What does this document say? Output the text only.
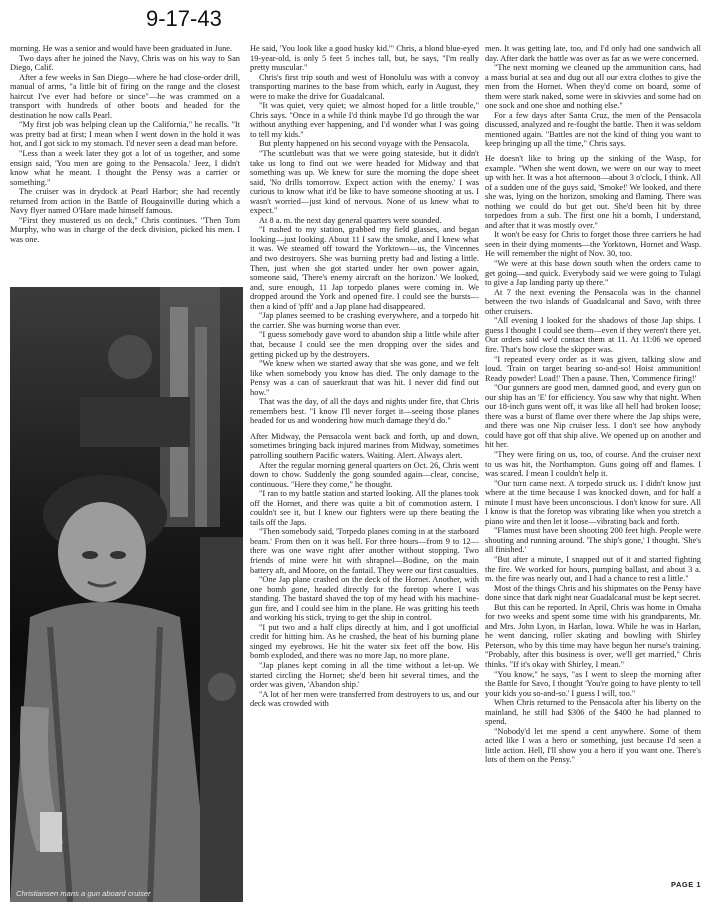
9-17-43

morning. He was a senior and would have been graduated in June.

Two days after he joined the Navy, Chris was on his way to San Diego, Calif.

After a few weeks in San Diego—where he had close-order drill, manual of arms, "a little bit of firing on the range and the closest haircut I've ever had before or since"—he was crammed on a transport with hundreds of other boots and headed for the destination he now calls Pearl.

"My first job was helping clean up the California," he recalls. "It was pretty bad at first; I mean when I went down in the hold it was hot, and I got sick to my stomach. I'd never seen a dead man before.

"Less than a week later they got a lot of us together, and some ensign said, 'You men are going to the Pensacola.' Jeez, I didn't know what he meant. I thought the Pensy was a carrier or something."

The cruiser was in drydock at Pearl Harbor; she had recently returned from action in the Battle of Bougainville during which a Navy flyer named O'Hare made himself famous.

"First they mustered us on deck," Chris continues. "Then Tom Murphy, who was in charge of the deck division, picked his men. I was one.

Christiansen mans a gun aboard cruiser

He said, 'You look like a good husky kid.'" Chris, a blond blue-eyed 19-year-old, is only 5 feet 5 inches tall, but, he says, "I'm really pretty muscular."

Chris's first trip south and west of Honolulu was with a convoy transporting marines to the base from which, early in August, they were to make the drive for Guadalcanal.

"It was quiet, very quiet; we almost hoped for a little trouble," Chris says. "Once in a while I'd think maybe I'd go through the war without anything ever happening, and I'd wonder what I was going to tell my kids."

But plenty happened on his second voyage with the Pensacola.

"The scuttlebutt was that we were going stateside, but it didn't take us long to find out we were headed for Midway and that something was up. We knew for sure the morning the dope sheet said, 'No drills tomorrow. Expect action with the enemy.' I was curious to know what it'd be like to have someone shooting at us. I wasn't worried—just kind of nervous. None of us knew what to expect."

At 8 a. m. the next day general quarters were sounded.

"I rushed to my station, grabbed my field glasses, and began looking—just looking. About 11 I saw the smoke, and I knew what it was. We steamed off toward the Yorktown—us, the Vincennes and two destroyers. She was burning pretty bad and listing a little. Then, just when she got started under her own power again, someone said, 'There's enemy aircraft on the horizon.' We looked, and, sure enough, 11 Jap torpedo planes were coming in. We dropped around the York and opened fire. I could see the bursts—then a kind of 'pfft' and a Jap plane had disappeared.

"Jap planes seemed to be crashing everywhere, and a torpedo hit the carrier. She was burning worse than ever.

"I guess somebody gave word to abandon ship a little while after that, because I could see the men dropping over the sides and getting picked up by the destroyers.

"We knew when we started away that she was gone, and we felt like when somebody you know has died. The only damage to the Pensy was a can of sauerkraut that was hit. I never did find out how."

That was the day, of all the days and nights under fire, that Chris remembers best. "I know I'll never forget it—seeing those planes headed for us and wondering how much damage they'd do."

After Midway, the Pensacola went back and forth, up and down, sometimes bringing back injured marines from Midway, sometimes patrolling southern Pacific waters. Waiting. Alert. Always alert.

After the regular morning general quarters on Oct. 26, Chris went down to chow. Suddenly the gong sounded again—clear, concise, continuous. "Here they come," he thought.

"I ran to my battle station and started looking. All the planes took off the Hornet, and there was quite a bit of commotion astern. I couldn't see it, but I knew our fighters were up there beating the tails off the Japs.

"Then somebody said, 'Torpedo planes coming in at the starboard beam.' From then on it was hell. For three hours—from 9 to 12—there was one wave right after another without stopping. Two friends of mine were hit with shrapnel—Bodine, on the main battery aft, and Moore, on the fantail. They were our first casualties.

"One Jap plane crashed on the deck of the Hornet. Another, with one bomb gone, headed directly for the foretop where I was standing. The bastard shaved the top of my head with his machine-gun fire, and I could see him in the plane. He was gritting his teeth and working his stick, trying to get the ship in control.

"I put two and a half clips directly at him, and I got unofficial credit for hitting him. As he crashed, the heat of his burning plane singed my eyebrows. He hit the water six feet off the bow. His bomb exploded, and there was no more Jap, no more plane.

"Jap planes kept coming in all the time without a let-up. We started circling the Hornet; she'd been hit several times, and the order was given, 'Abandon ship.'

"A lot of her men were transferred from destroyers to us, and our deck was crowded with

men. It was getting late, too, and I'd only had one sandwich all day. After dark the battle was over as far as we were concerned.

"The next morning we cleaned up the ammunition cans, had a mass burial at sea and dug out all our extra clothes to give the men from the Hornet. When they'd come on board, some of them were stark naked, some were in skivvies and some had on one sock and one shoe and nothing else."

For a few days after Santa Cruz, the men of the Pensacola discussed, analyzed and re-fought the battle. Then it was seldom mentioned again. "Battles are not the kind of thing you want to keep bringing up all the time," Chris says.

He doesn't like to bring up the sinking of the Wasp, for example. "When she went down, we were on our way to meet up with her. It was a hot afternoon—about 3 o'clock, I think. All of a sudden one of the guys said, 'Smoke!' We looked, and there she was, lying on the horizon, smoking and flaming. There was nothing we could do but get out. She'd been hit by three torpedoes from a sub. The first one hit a bomb, I understand, and after that it was mostly over."

It won't be easy for Chris to forget those three carriers he had seen in their dying moments—the Yorktown, Hornet and Wasp. He will remember the night of Nov. 30, too.

"We were at this base down south when the orders came to get going—and quick. Everybody said we were going to Tulagi to give a Jap landing party up there."

At 7 the next evening the Pensacola was in the channel between the two islands of Guadalcanal and Savo, with three other cruisers.

"All evening I looked for the shadows of those Jap ships. I guess I thought I could see them—even if they weren't there yet. Our orders said we'd contact them at 11. At 11:06 we opened fire. That's how close the skipper was.

"I repeated every order as it was given, talking slow and loud. 'Train on target bearing so-and-so! Hoist ammunition! Ready powder! Load!' Then a pause. Then, 'Commence firing!'

"Our gunners are good men, damned good, and every gun on our ship has an 'E' for efficiency. You saw why that night. When our 18-inch guns went off, it was like all hell had broken loose; there was a burst of flame over there where the Jap ships were, and there was one Nip cruiser less. I don't see how anybody could have got off that ship alive. We opened up on another and hit her.

"They were firing on us, too, of course. And the cruiser next to us was hit, the Northampton. Guns going off and flames. I was scared. I mean I couldn't help it.

"Our turn came next. A torpedo struck us. I didn't know just where at the time because I was knocked down, and for half a minute I must have been unconscious. I don't know for sure. All I know is that the foretop was vibrating like when you stretch a piano wire and then let it loose—vibrating back and forth.

"Flames must have been shooting 200 feet high. People were shouting and running around. 'The ship's gone,' I thought. 'She's all finished.'

"But after a minute, I snapped out of it and started fighting the fire. We worked for hours, pumping ballast, and about 3 a. m. the fire was nearly out, and I had a chance to rest a little."

Most of the things Chris and his shipmates on the Pensy have done since that dark night near Guadalcanal must be kept secret.

But this can be reported. In April, Chris was home in Omaha for two weeks and spent some time with his grandparents, Mr. and Mrs. John Lyon, in Harlan, Iowa. While he was in Harlan, he went dancing, roller skating and bowling with Shirley Peterson, who by this time may have begun her nurse's training. "Probably, after this business is over, we'll get married," Chris thinks. "If it's okay with Shirley, I mean."

"You know," he says, "as I went to sleep the morning after the Battle for Savo, I thought 'You're going to have plenty to tell your kids you so-and-so.' I guess I will, too."

When Chris returned to the Pensacola after his liberty on the mainland, he still had $306 of the $400 he had planned to spend.

"Nobody'd let me spend a cent anywhere. Some of them acted like I was a hero or something, just because I'd seen a little action. Hell, I'll show you a hero if you want one. There's lots of them on the Pensy."

PAGE 1
